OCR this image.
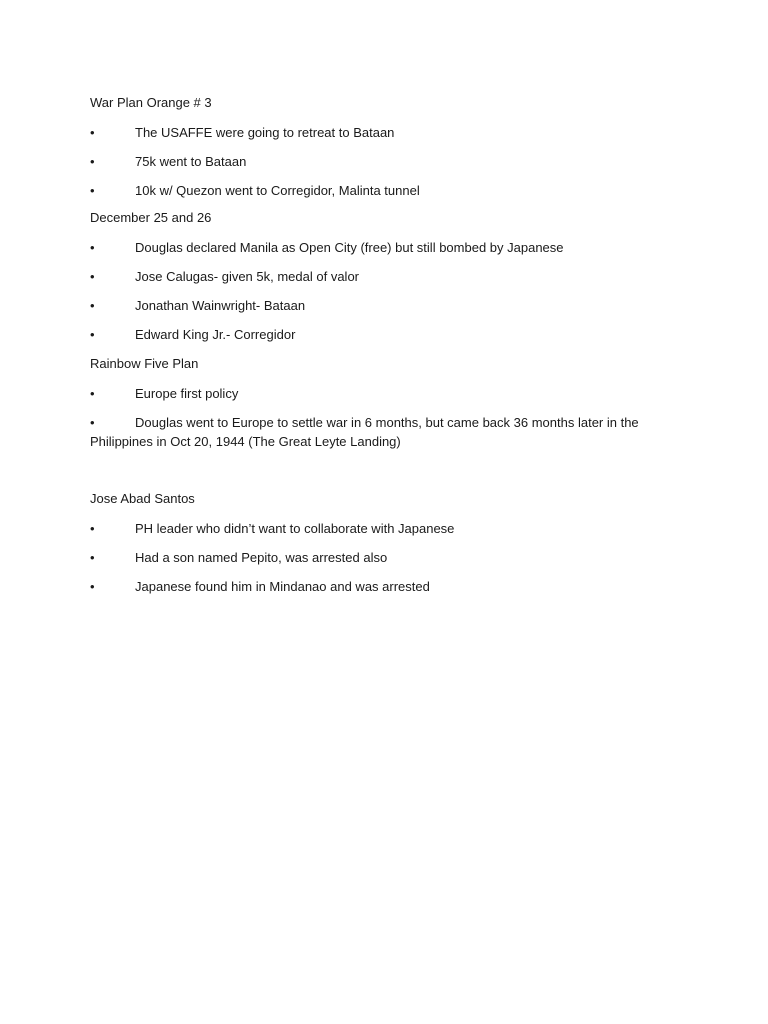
War Plan Orange # 3

•	The USAFFE were going to retreat to Bataan
•	75k went to Bataan
•	10k w/ Quezon went to Corregidor, Malinta tunnel

December 25 and 26

•	Douglas declared Manila as Open City (free) but still bombed by Japanese
•	Jose Calugas- given 5k, medal of valor
•	Jonathan Wainwright- Bataan
•	Edward King Jr.- Corregidor

Rainbow Five Plan

•	Europe first policy
•	Douglas went to Europe to settle war in 6 months, but came back 36 months later in the Philippines in Oct 20, 1944 (The Great Leyte Landing)

Jose Abad Santos

•	PH leader who didn’t want to collaborate with Japanese
•	Had a son named Pepito, was arrested also
•	Japanese found him in Mindanao and was arrested
